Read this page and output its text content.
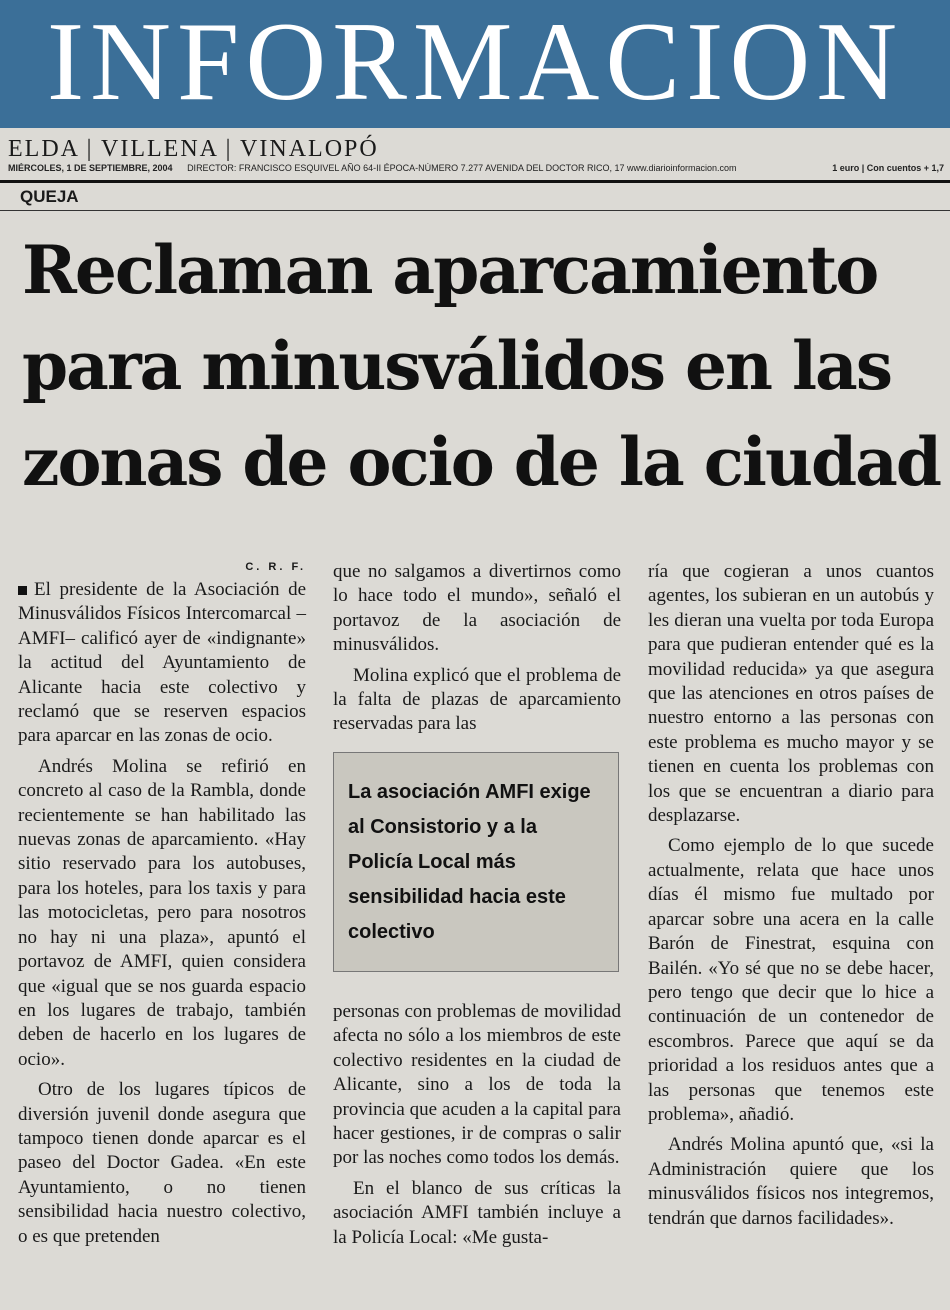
INFORMACION
ELDA | VILLENA | VINALOPÓ
MIÉRCOLES, 1 DE SEPTIEMBRE, 2004 DIRECTOR: FRANCISCO ESQUIVEL AÑO 64-II ÉPOCA-NÚMERO 7.277 AVENIDA DEL DOCTOR RICO, 17 www.diarioinformacion.com	1 euro | Con cuentos + 1,7
QUEJA
Reclaman aparcamiento para minusválidos en las zonas de ocio de la ciudad
C. R. F.

El presidente de la Asociación de Minusválidos Físicos Intercomarcal –AMFI– calificó ayer de «indignante» la actitud del Ayuntamiento de Alicante hacia este colectivo y reclamó que se reserven espacios para aparcar en las zonas de ocio.

Andrés Molina se refirió en concreto al caso de la Rambla, donde recientemente se han habilitado las nuevas zonas de aparcamiento. «Hay sitio reservado para los autobuses, para los hoteles, para los taxis y para las motocicletas, pero para nosotros no hay ni una plaza», apuntó el portavoz de AMFI, quien considera que «igual que se nos guarda espacio en los lugares de trabajo, también deben de hacerlo en los lugares de ocio».

Otro de los lugares típicos de diversión juvenil donde asegura que tampoco tienen donde aparcar es el paseo del Doctor Gadea. «En este Ayuntamiento, o no tienen sensibilidad hacia nuestro colectivo, o es que pretenden

que no salgamos a divertirnos como lo hace todo el mundo», señaló el portavoz de la asociación de minusválidos.

Molina explicó que el problema de la falta de plazas de aparcamiento reservadas para las

La asociación AMFI exige al Consistorio y a la Policía Local más sensibilidad hacia este colectivo

personas con problemas de movilidad afecta no sólo a los miembros de este colectivo residentes en la ciudad de Alicante, sino a los de toda la provincia que acuden a la capital para hacer gestiones, ir de compras o salir por las noches como todos los demás.

En el blanco de sus críticas la asociación AMFI también incluye a la Policía Local: «Me gusta-

ría que cogieran a unos cuantos agentes, los subieran en un autobús y les dieran una vuelta por toda Europa para que pudieran entender qué es la movilidad reducida» ya que asegura que las atenciones en otros países de nuestro entorno a las personas con este problema es mucho mayor y se tienen en cuenta los problemas con los que se encuentran a diario para desplazarse.

Como ejemplo de lo que sucede actualmente, relata que hace unos días él mismo fue multado por aparcar sobre una acera en la calle Barón de Finestrat, esquina con Bailén. «Yo sé que no se debe hacer, pero tengo que decir que lo hice a continuación de un contenedor de escombros. Parece que aquí se da prioridad a los residuos antes que a las personas que tenemos este problema», añadió.

Andrés Molina apuntó que, «si la Administración quiere que los minusválidos físicos nos integremos, tendrán que darnos facilidades».
